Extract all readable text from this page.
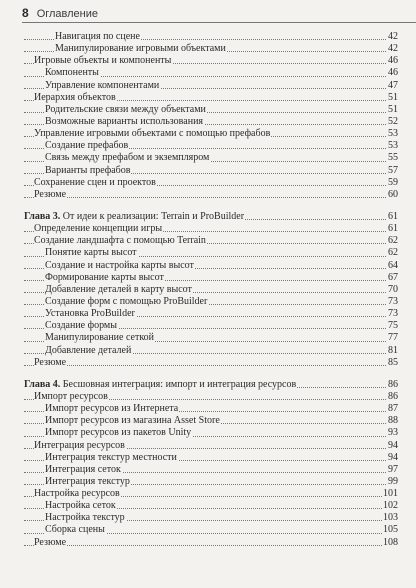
8 Оглавление
Навигация по сцене	42
Манипулирование игровыми объектами	42
Игровые объекты и компоненты	46
Компоненты	46
Управление компонентами	47
Иерархия объектов	51
Родительские связи между объектами	51
Возможные варианты использования	52
Управление игровыми объектами с помощью префабов	53
Создание префабов	53
Связь между префабом и экземпляром	55
Варианты префабов	57
Сохранение сцен и проектов	59
Резюме	60
Глава 3. От идеи к реализации: Terrain и ProBuilder	61
Определение концепции игры	61
Создание ландшафта с помощью Terrain	62
Понятие карты высот	62
Создание и настройка карты высот	64
Формирование карты высот	67
Добавление деталей в карту высот	70
Создание форм с помощью ProBuilder	73
Установка ProBuilder	73
Создание формы	75
Манипулирование сеткой	77
Добавление деталей	81
Резюме	85
Глава 4. Бесшовная интеграция: импорт и интеграция ресурсов	86
Импорт ресурсов	86
Импорт ресурсов из Интернета	87
Импорт ресурсов из магазина Asset Store	88
Импорт ресурсов из пакетов Unity	93
Интеграция ресурсов	94
Интеграция текстур местности	94
Интеграция сеток	97
Интеграция текстур	99
Настройка ресурсов	101
Настройка сеток	102
Настройка текстур	103
Сборка сцены	105
Резюме	108
